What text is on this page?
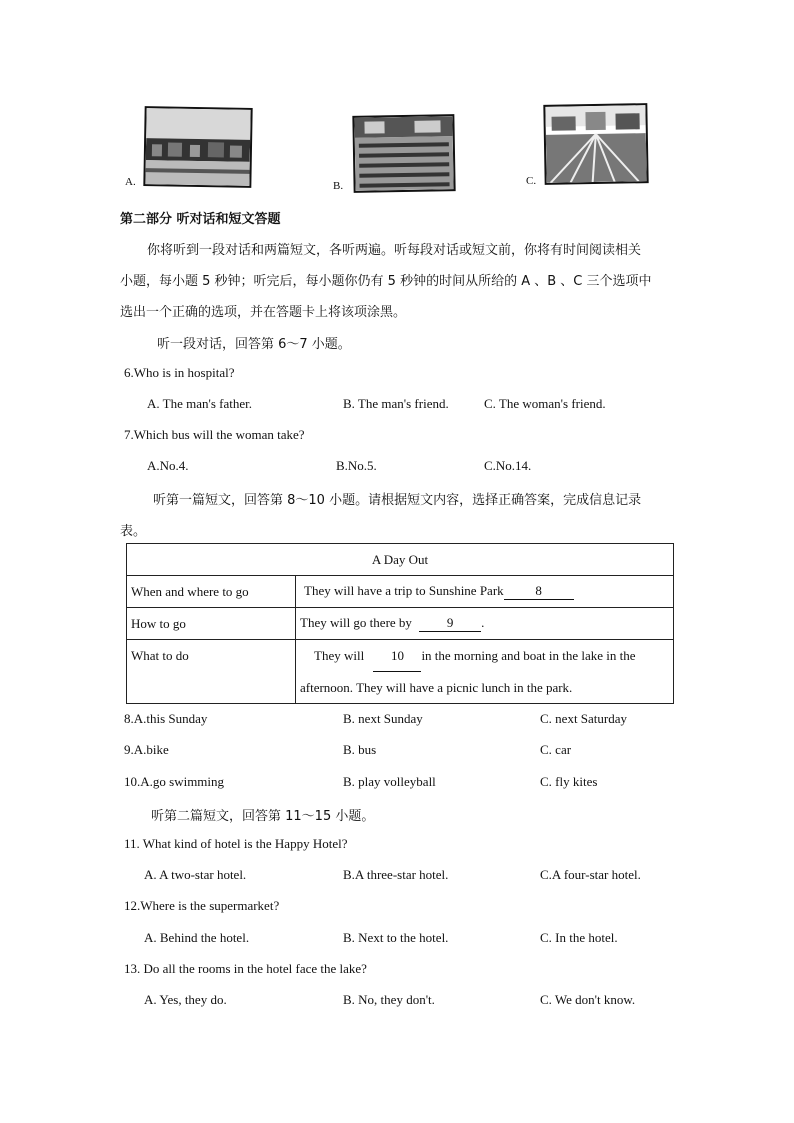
A.	B.	C.
第二部分 听对话和短文答题
你将听到一段对话和两篇短文，各听两遍。听每段对话或短文前，你将有时间阅读相关
小题，每小题 5 秒钟；听完后，每小题你仍有 5 秒钟的时间从所给的 A 、B 、C 三个选项中
选出一个正确的选项，并在答题卡上将该项涂黑。
听一段对话，回答第 6～7 小题。
6.Who is in hospital?
A. The man's father.	B. The man's friend.	C. The woman's friend.
7.Which bus will the woman take?
A.No.4.	B.No.5.	C.No.14.
听第一篇短文，回答第 8～10 小题。请根据短文内容，选择正确答案，完成信息记录
表。
A Day Out	
When and where to go	They will have a trip to Sunshine Park 8
How to go	They will go there by 9 .
What to do	They will 10 in the morning and boat in the lake in the
afternoon. They will have a picnic lunch in the park.
8.A.this Sunday	B. next Sunday	C. next Saturday
9.A.bike	B. bus	C. car
10.A.go swimming	B. play volleyball	C. fly kites
听第二篇短文，回答第 11～15 小题。
11. What kind of hotel is the Happy Hotel?
A. A two-star hotel.	B.A three-star hotel.	C.A four-star hotel.
12.Where is the supermarket?
A. Behind the hotel.	B. Next to the hotel.	C. In the hotel.
13. Do all the rooms in the hotel face the lake?
A. Yes, they do.	B. No, they don't.	C. We don't know.
